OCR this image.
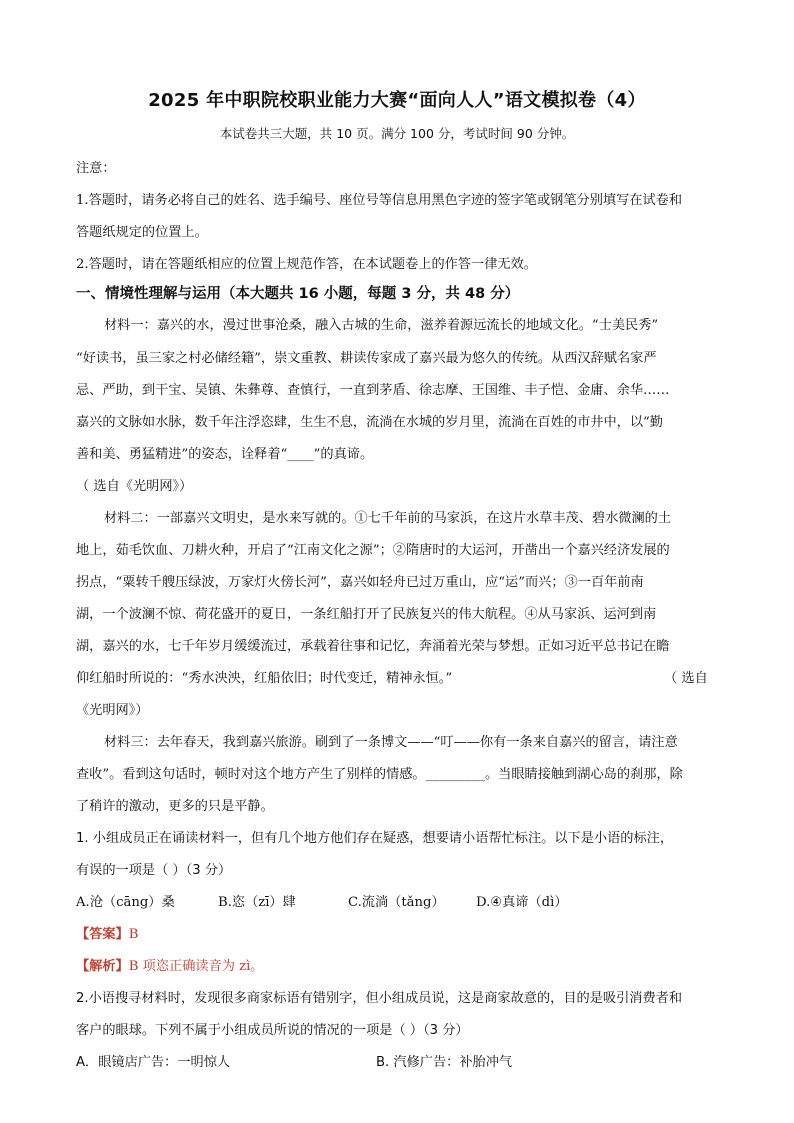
2025 年中职院校职业能力大赛“面向人人”语文模拟卷（4）
本试卷共三大题，共 10 页。满分 100 分，考试时间 90 分钟。
注意：
1.答题时，请务必将自己的姓名、选手编号、座位号等信息用黑色字迹的签字笔或钢笔分别填写在试卷和
答题纸规定的位置上。
2.答题时，请在答题纸相应的位置上规范作答，在本试题卷上的作答一律无效。
一、情境性理解与运用（本大题共 16 小题，每题 3 分，共 48 分）
材料一：嘉兴的水，漫过世事沧桑，融入古城的生命，滋养着源远流长的地域文化。“士美民秀”
“好读书，虽三家之村必储经籍”，崇文重教、耕读传家成了嘉兴最为悠久的传统。从西汉辞赋名家严
忌、严助，到干宝、吴镇、朱彝尊、查慎行，一直到茅盾、徐志摩、王国维、丰子恺、金庸、余华……
嘉兴的文脉如水脉，数千年注浮恣肆，生生不息，流淌在水城的岁月里，流淌在百姓的市井中，以“勤
善和美、勇猛精进”的姿态，诠释着“____”的真谛。
（ 选自《光明网》）
材料二：一部嘉兴文明史，是水来写就的。①七千年前的马家浜，在这片水草丰茂、碧水微澜的土
地上，茹毛饮血、刀耕火种，开启了“江南文化之源”；②隋唐时的大运河，开凿出一个嘉兴经济发展的
拐点，“粟转千艘压绿波，万家灯火傍长河”，嘉兴如轻舟已过万重山，应“运”而兴；③一百年前南
湖，一个波澜不惊、荷花盛开的夏日，一条红船打开了民族复兴的伟大航程。④从马家浜、运河到南
湖，嘉兴的水，七千年岁月缓缓流过，承载着往事和记忆，奔涌着光荣与梦想。正如习近平总书记在瞻
仰红船时所说的：“秀水泱泱，红船依旧；时代变迁，精神永恒。”	（ 选自
《光明网》）
材料三：去年春天，我到嘉兴旅游。刷到了一条博文——“叮——你有一条来自嘉兴的留言，请注意
查收”。看到这句话时，顿时对这个地方产生了别样的情感。_________。当眼睛接触到湖心岛的刹那，除
了稍许的激动，更多的只是平静。
1. 小组成员正在诵读材料一，但有几个地方他们存在疑惑，想要请小语帮忙标注。以下是小语的标注，
有误的一项是（ ）（3 分）
A.沧（cāng）桑	B.恣（zī）肆	C.流淌（tǎng） D.④真谛（dì）
【答案】B
【解析】B 项恣正确读音为 zì。
2.小语搜寻材料时，发现很多商家标语有错别字，但小组成员说，这是商家故意的，目的是吸引消费者和
客户的眼球。下列不属于小组成员所说的情况的一项是（ ）（3 分）
A．眼镜店广告：一明惊人	B. 汽修广告：补胎冲气
